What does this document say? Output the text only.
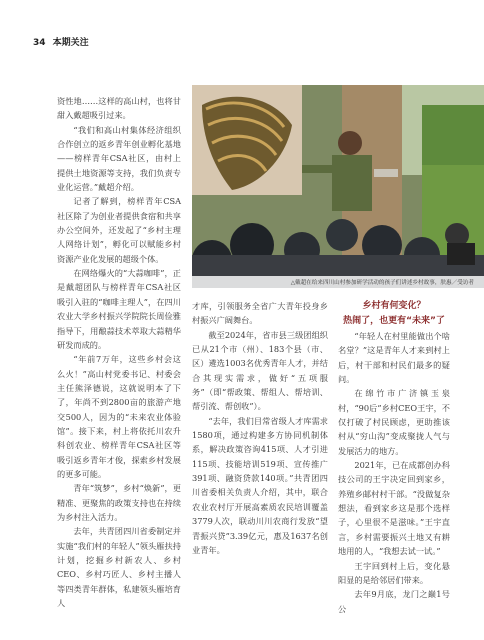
34 本期关注

资性地……这样的高山村，也将甘甜入戴超吸引过来。

“我们和高山村集体经济组织合作创立的返乡青年创业孵化基地——榜样青年CSA社区，由村上提供土地资源等支持，我们负责专业化运营。”戴超介绍。

记者了解到，榜样青年CSA社区除了为创业者提供食宿和共享办公空间外，还发起了“乡村主理人网络计划”，孵化可以赋能乡村资源产业化发展的超级个体。

在网络爆火的“大蒜咖啡”，正是戴超团队与榜样青年CSA社区吸引入驻的“咖啡主理人”，在四川农业大学乡村振兴学院院长周俭雅指导下，用酿蒜技术萃取大蒜精华研发而成的。

“年前7万年，这些乡村会这么火！”高山村党委书记、村委会主任熊泽德说，这就说明本了下了，年尚不到2800亩的旅游产地交500人，因为的“未来农业体验馆”。接下来，村上将依托川农升科创农业、榜样青年CSA社区等吸引返乡青年才俊，探索乡村发展的更多可能。

青年“筑梦”，乡村“焕新”，更精准、更聚焦的政策支持也在持续为乡村注入活力。

去年，共青团四川省委制定并实施“我们村的年轻人”领头雁扶持计划，挖掘乡村新农人、乡村CEO、乡村巧匠人、乡村主播人等四类青年群体，私建领头雁培育人

△戴超在给来四川山村参加研学活动的孩子们讲述乡村故事，肤惠／受访者

才库，引领服务全省广大青年投身乡村振兴广阔舞台。

截至2024年，省市县三级团组织已从21个市（州）、183个县（市、区）遴选1003名优秀青年人才，并结合其现实需求，做好“五项服务”（即“帮政策、帮组人、帮培训、帮引流、帮创收”）。

“去年，我们目常省级人才库需求1580项，通过构建多方协同机制体系，解决政策咨询415项、人才引进115项、技能培训519项、宣传推广391项、融资贷款140项。”共青团四川省委相关负责人介绍，其中，联合农业农村厅开展高素质农民培训覆盖3779人次，联动川川农商行发放“望青振兴贷”3.39亿元，惠及1637名创业青年。

乡村有何变化？
热闹了，也更有“未来”了

“年轻人在村里能做出个啥名堂？”这是青年人才来到村上后，村干部和村民们最多的疑问。

在绵竹市广济镇玉泉村，“90后”乡村CEO王宇，不仅打破了村民顾虑，更助推该村从“穷山沟”变成聚拢人气与发展活力的地方。

2021年，已在成都创办科技公司的王宇决定回到家乡，养殖乡邮村村干部。“没做复杂想法，看到家乡这是那个选样子，心里很不是滋味。”王宇直言，乡村需要振兴土地又有耕地用的人，“我想去试一试。”

王宇回到村上后，变化悬阳显的是给邻居们带来。

去年9月底，龙门之巅1号公
